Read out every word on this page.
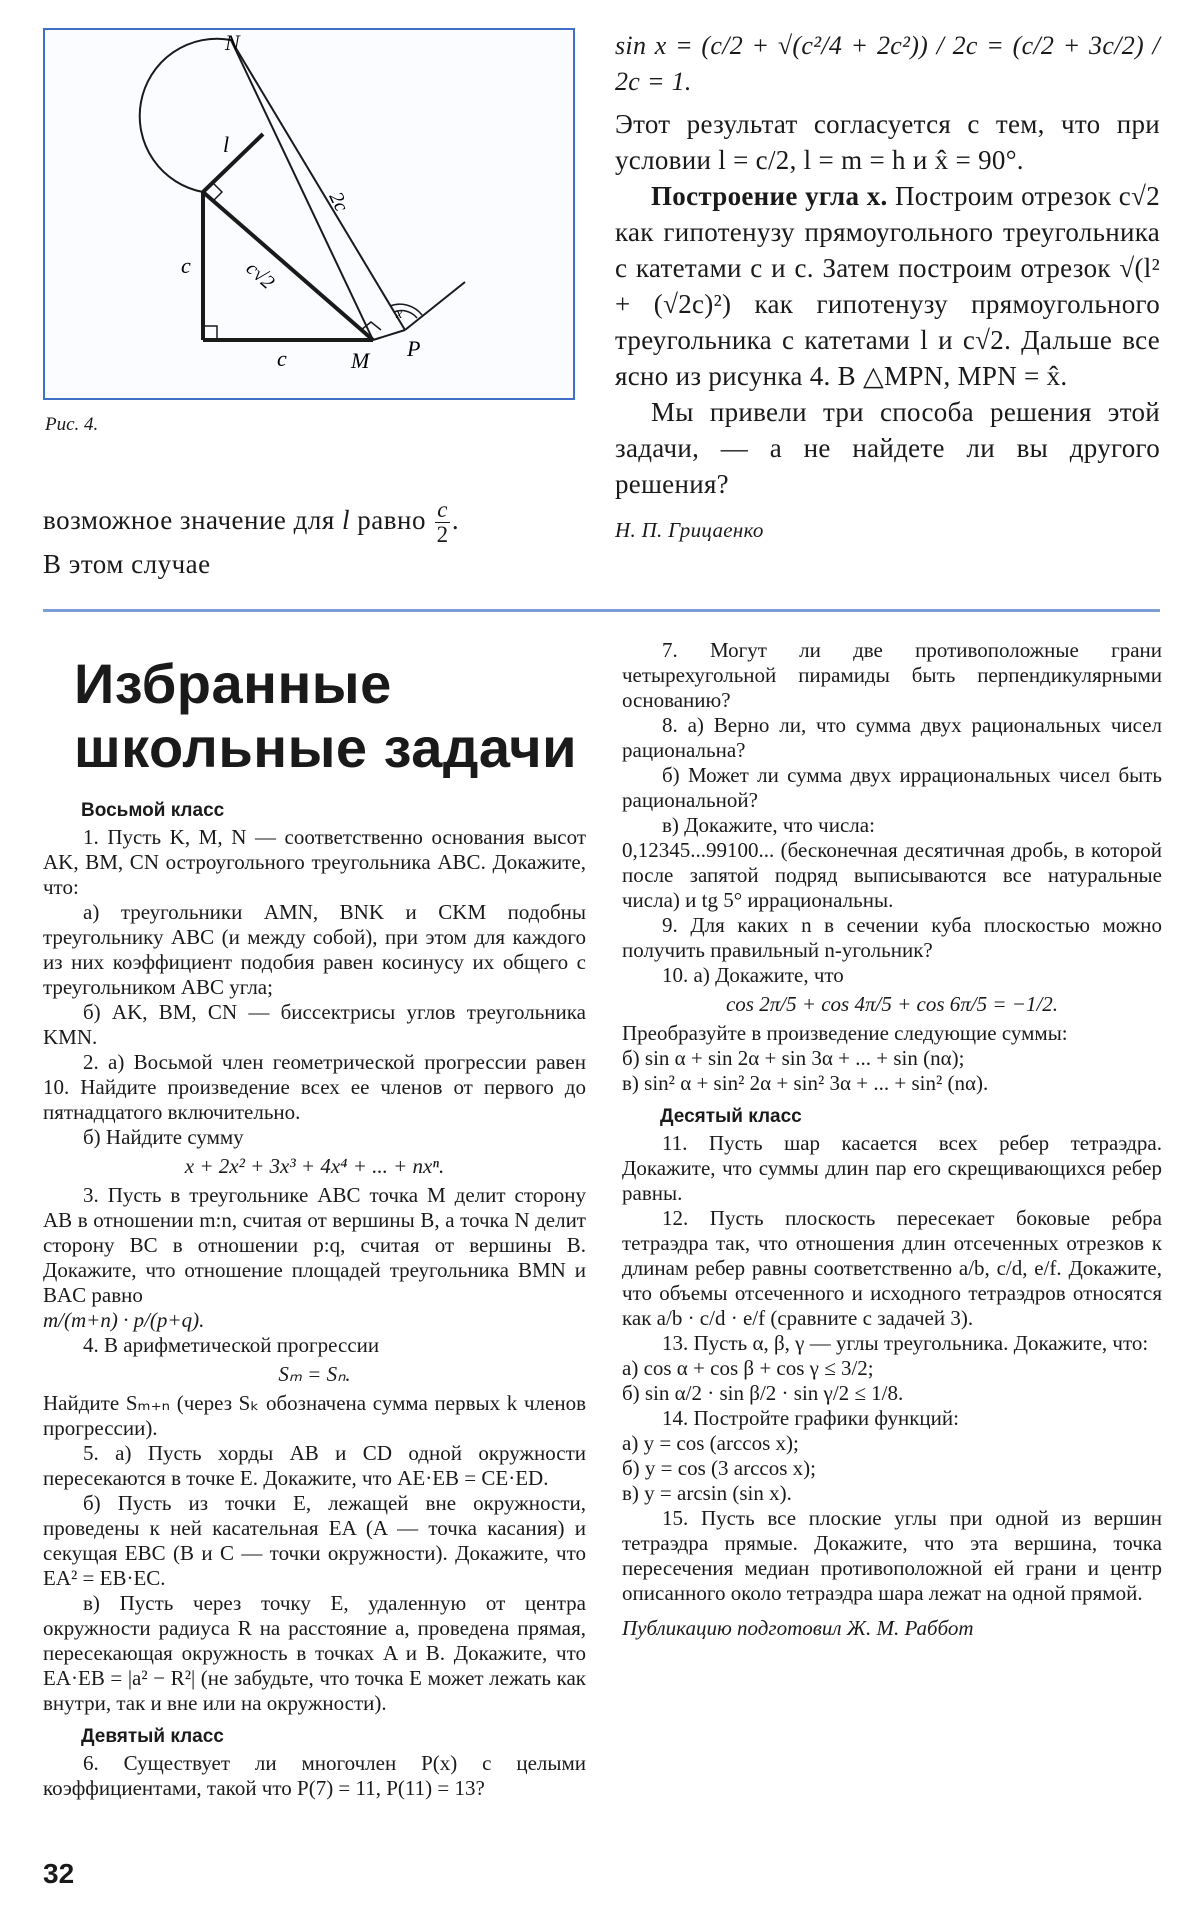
N
l
c	c√2
2c
c	M P
x
Рис. 4.
возможное значение для l равно $\frac{c}{2}$ .
В этом случае

sin x = (c/2 + √(c²/4 + 2c²)) / 2c = (c/2 + 3c/2) / 2c = 1.

Этот результат согласуется с тем, что при условии l = c/2, l = m = h и x̂ = 90°.

Построение угла x. Построим отрезок c√2 как гипотенузу прямоугольного треугольника с катетами c и c. Затем построим отрезок √(l² + (√2c)²) как гипотенузу прямоугольного треугольника с катетами l и c√2. Дальше все ясно из рисунка 4. В △MPN, MPN = x̂.

Мы привели три способа решения этой задачи, — а не найдете ли вы другого решения?

Н. П. Грицаенко

Избранные
школьные задачи
Восьмой класс

1. Пусть K, M, N — соответственно основания высот AK, BM, CN остроугольного треугольника ABC. Докажите, что:

а) треугольники AMN, BNK и CKM подобны треугольнику ABC (и между собой), при этом для каждого из них коэффициент подобия равен косинусу их общего с треугольником ABC угла;

б) AK, BM, CN — биссектрисы углов треугольника KMN.

2. а) Восьмой член геометрической прогрессии равен 10. Найдите произведение всех ее членов от первого до пятнадцатого включительно.

б) Найдите сумму

x + 2x² + 3x³ + 4x⁴ + ... + nxⁿ.

3. Пусть в треугольнике ABC точка M делит сторону AB в отношении m:n, считая от вершины B, а точка N делит сторону BC в отношении p:q, считая от вершины B. Докажите, что отношение площадей треугольника BMN и BAC равно

m/(m+n) · p/(p+q).

4. В арифметической прогрессии

Sₘ = Sₙ.

Найдите Sₘ₊ₙ (через Sₖ обозначена сумма первых k членов прогрессии).

5. а) Пусть хорды AB и CD одной окружности пересекаются в точке E. Докажите, что AE·EB = CE·ED.

б) Пусть из точки E, лежащей вне окружности, проведены к ней касательная EA (A — точка касания) и секущая EBC (B и C — точки окружности). Докажите, что EA² = EB·EC.

в) Пусть через точку E, удаленную от центра окружности радиуса R на расстояние a, проведена прямая, пересекающая окружность в точках A и B. Докажите, что EA·EB = |a² − R²| (не забудьте, что точка E может лежать как внутри, так и вне или на окружности).

Девятый класс

6. Существует ли многочлен P(x) с целыми коэффициентами, такой что P(7) = 11, P(11) = 13?

7. Могут ли две противоположные грани четырехугольной пирамиды быть перпендикулярными основанию?

8. а) Верно ли, что сумма двух рациональных чисел рациональна?

б) Может ли сумма двух иррациональных чисел быть рациональной?

в) Докажите, что числа:

0,12345...99100... (бесконечная десятичная дробь, в которой после запятой подряд выписываются все натуральные числа) и tg 5° иррациональны.

9. Для каких n в сечении куба плоскостью можно получить правильный n-угольник?

10. а) Докажите, что

cos 2π/5 + cos 4π/5 + cos 6π/5 = −1/2.

Преобразуйте в произведение следующие суммы:

б) sin α + sin 2α + sin 3α + ... + sin (nα);

в) sin² α + sin² 2α + sin² 3α + ... + sin² (nα).

Десятый класс

11. Пусть шар касается всех ребер тетраэдра. Докажите, что суммы длин пар его скрещивающихся ребер равны.

12. Пусть плоскость пересекает боковые ребра тетраэдра так, что отношения длин отсеченных отрезков к длинам ребер равны соответственно a/b, c/d, e/f. Докажите, что объемы отсеченного и исходного тетраэдров относятся как a/b · c/d · e/f (сравните с задачей 3).

13. Пусть α, β, γ — углы треугольника. Докажите, что:

а) cos α + cos β + cos γ ≤ 3/2;

б) sin α/2 · sin β/2 · sin γ/2 ≤ 1/8.

14. Постройте графики функций:

а) y = cos (arccos x);

б) y = cos (3 arccos x);

в) y = arcsin (sin x).

15. Пусть все плоские углы при одной из вершин тетраэдра прямые. Докажите, что эта вершина, точка пересечения медиан противоположной ей грани и центр описанного около тетраэдра шара лежат на одной прямой.

Публикацию подготовил Ж. М. Раббот

32
